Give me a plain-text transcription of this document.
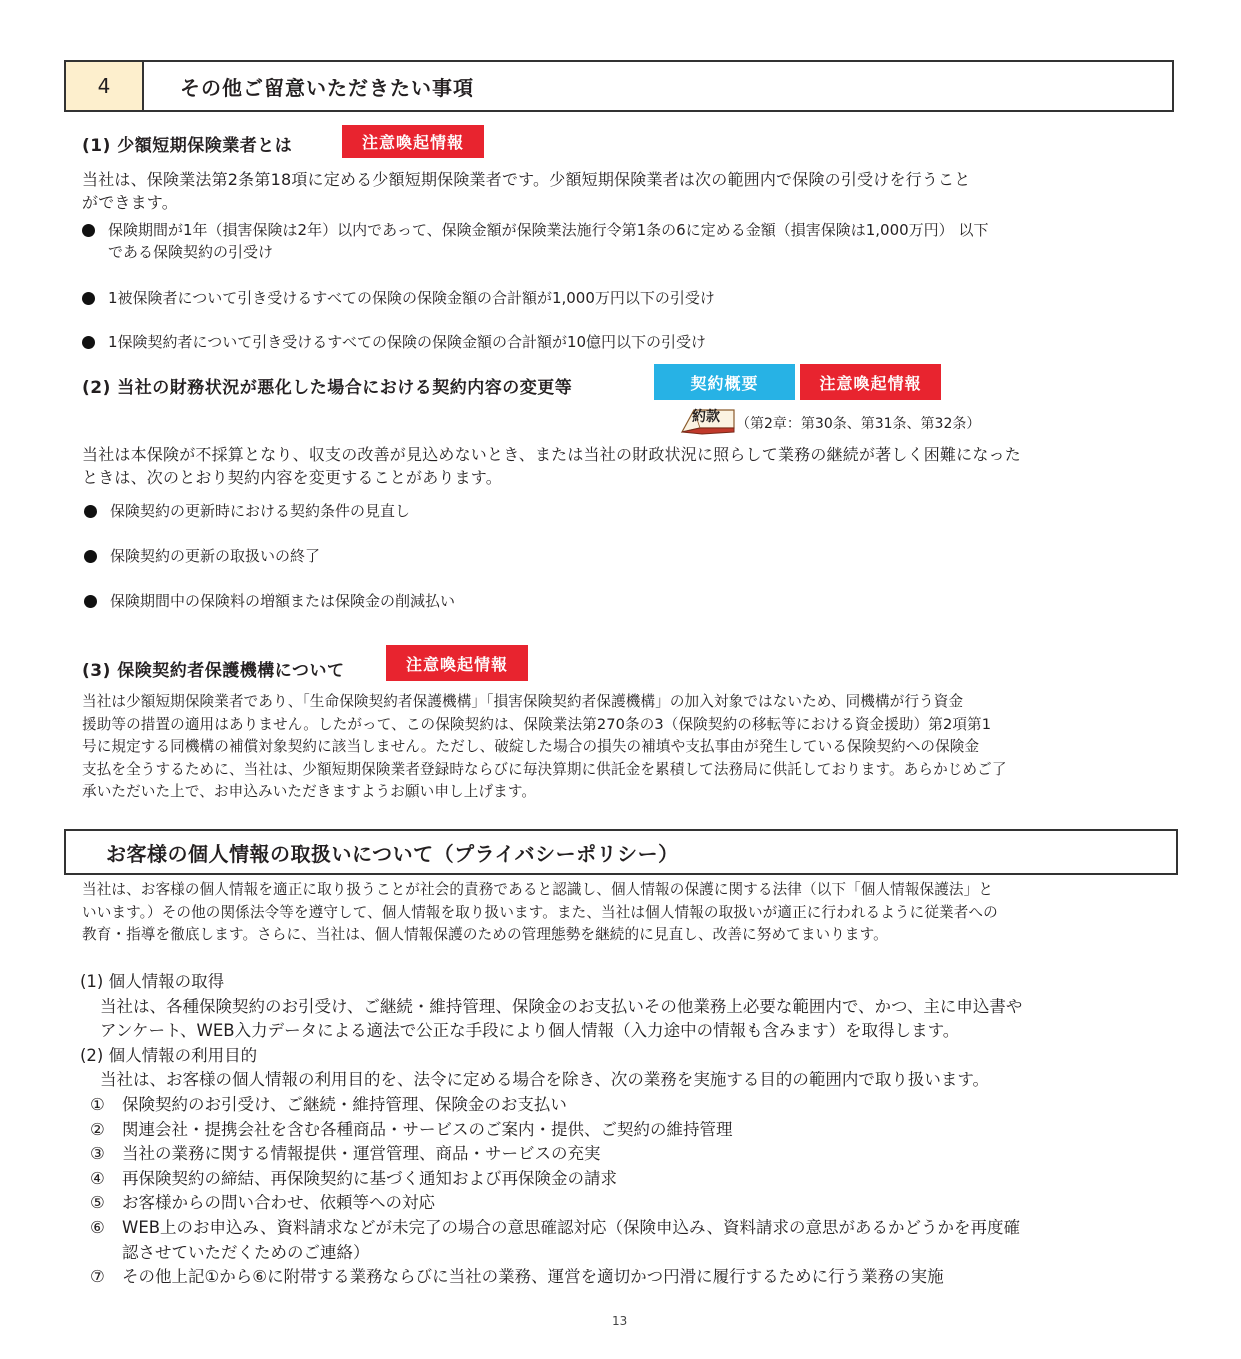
4	その他ご留意いただきたい事項
(1) 少額短期保険業者とは	注意喚起情報
当社は、保険業法第2条第18項に定める少額短期保険業者です。少額短期保険業者は次の範囲内で保険の引受けを行うこと
ができます。
保険期間が1年（損害保険は2年）以内であって、保険金額が保険業法施行令第1条の6に定める金額（損害保険は1,000万円） 以下
である保険契約の引受け
1被保険者について引き受けるすべての保険の保険金額の合計額が1,000万円以下の引受け
1保険契約者について引き受けるすべての保険の保険金額の合計額が10億円以下の引受け
(2) 当社の財務状況が悪化した場合における契約内容の変更等	契約概要	注意喚起情報
約款 （第2章：第30条、第31条、第32条）
当社は本保険が不採算となり、収支の改善が見込めないとき、または当社の財政状況に照らして業務の継続が著しく困難になった
ときは、次のとおり契約内容を変更することがあります。
保険契約の更新時における契約条件の見直し
保険契約の更新の取扱いの終了
保険期間中の保険料の増額または保険金の削減払い
(3) 保険契約者保護機構について	注意喚起情報
当社は少額短期保険業者であり、「生命保険契約者保護機構」「損害保険契約者保護機構」の加入対象ではないため、同機構が行う資金
援助等の措置の適用はありません。したがって、この保険契約は、保険業法第270条の3（保険契約の移転等における資金援助）第2項第1
号に規定する同機構の補償対象契約に該当しません。ただし、破綻した場合の損失の補填や支払事由が発生している保険契約への保険金
支払を全うするために、当社は、少額短期保険業者登録時ならびに毎決算期に供託金を累積して法務局に供託しております。あらかじめご了
承いただいた上で、お申込みいただきますようお願い申し上げます。
お客様の個人情報の取扱いについて（プライバシーポリシー）
当社は、お客様の個人情報を適正に取り扱うことが社会的責務であると認識し、個人情報の保護に関する法律（以下「個人情報保護法」と
いいます。）その他の関係法令等を遵守して、個人情報を取り扱います。また、当社は個人情報の取扱いが適正に行われるように従業者への
教育・指導を徹底します。さらに、当社は、個人情報保護のための管理態勢を継続的に見直し、改善に努めてまいります。
(1) 個人情報の取得
当社は、各種保険契約のお引受け、ご継続・維持管理、保険金のお支払いその他業務上必要な範囲内で、かつ、主に申込書や
アンケート、WEB入力データによる適法で公正な手段により個人情報（入力途中の情報も含みます）を取得します。
(2) 個人情報の利用目的
当社は、お客様の個人情報の利用目的を、法令に定める場合を除き、次の業務を実施する目的の範囲内で取り扱います。
①	保険契約のお引受け、ご継続・維持管理、保険金のお支払い
②	関連会社・提携会社を含む各種商品・サービスのご案内・提供、ご契約の維持管理
③	当社の業務に関する情報提供・運営管理、商品・サービスの充実
④	再保険契約の締結、再保険契約に基づく通知および再保険金の請求
⑤	お客様からの問い合わせ、依頼等への対応
⑥	WEB上のお申込み、資料請求などが未完了の場合の意思確認対応（保険申込み、資料請求の意思があるかどうかを再度確
認させていただくためのご連絡）
⑦	その他上記①から⑥に附帯する業務ならびに当社の業務、運営を適切かつ円滑に履行するために行う業務の実施
13
